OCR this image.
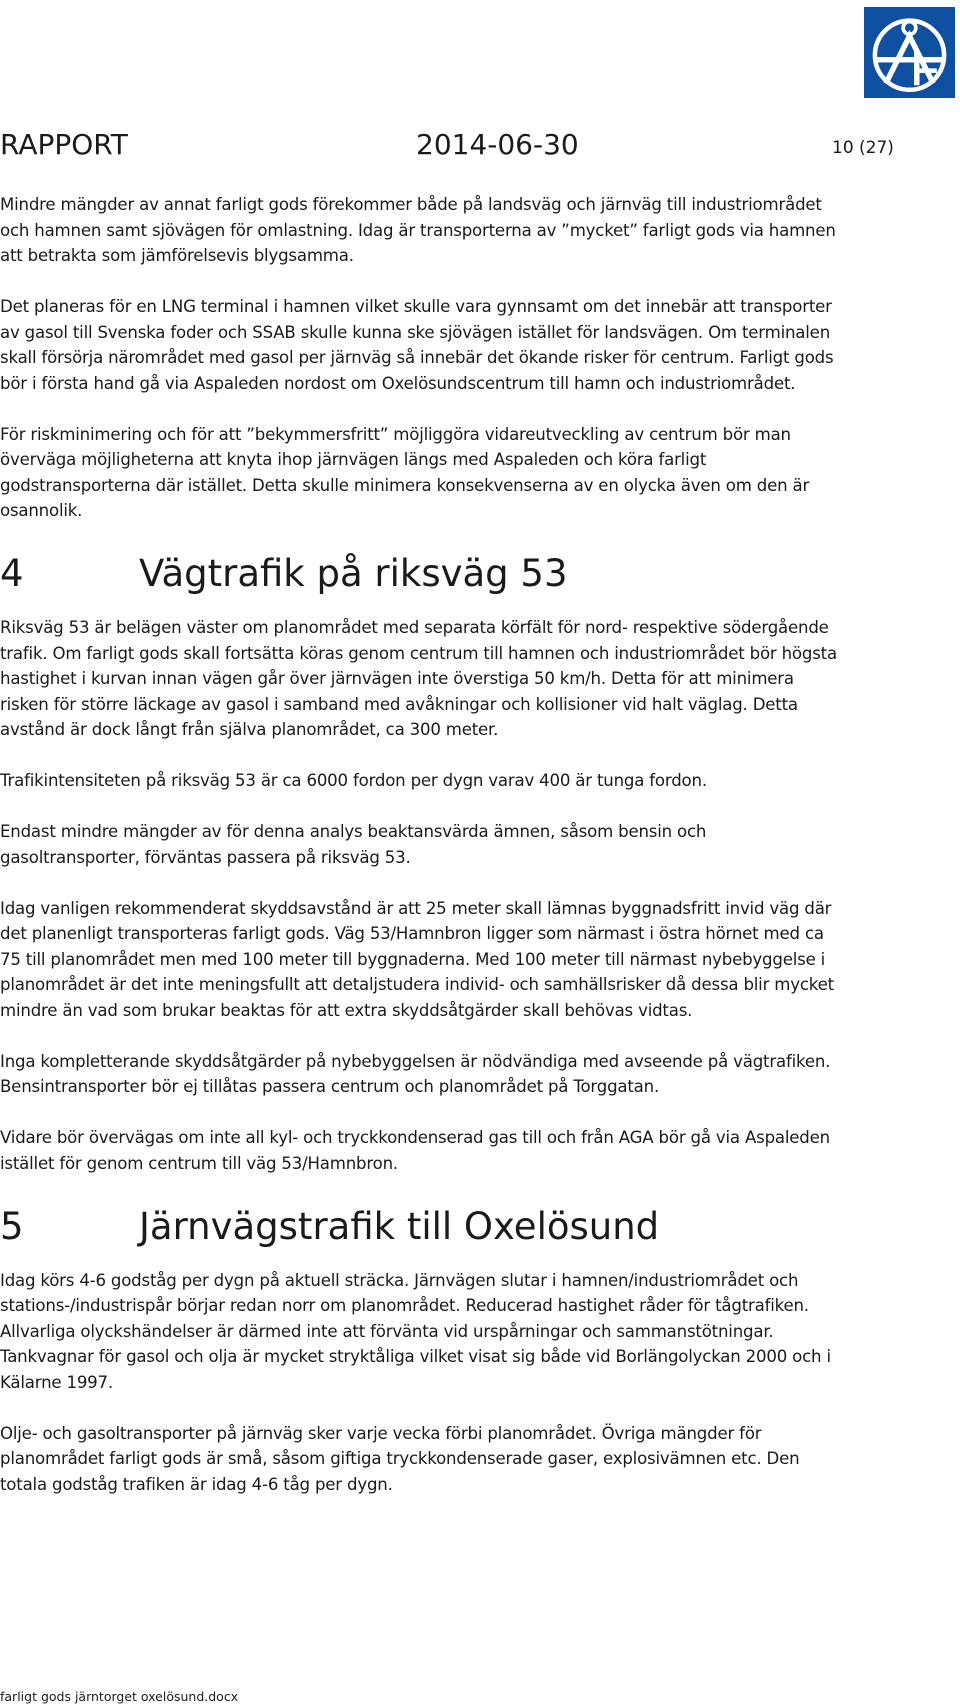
RAPPORT	2014-06-30	10 (27)

Mindre mängder av annat farligt gods förekommer både på landsväg och järnväg till industriområdet och hamnen samt sjövägen för omlastning. Idag är transporterna av ”mycket” farligt gods via hamnen att betrakta som jämförelsevis blygsamma.

Det planeras för en LNG terminal i hamnen vilket skulle vara gynnsamt om det innebär att transporter av gasol till Svenska foder och SSAB skulle kunna ske sjövägen istället för landsvägen. Om terminalen skall försörja närområdet med gasol per järnväg så innebär det ökande risker för centrum. Farligt gods bör i första hand gå via Aspaleden nordost om Oxelösundscentrum till hamn och industriområdet.

För riskminimering och för att ”bekymmersfritt” möjliggöra vidareutveckling av centrum bör man överväga möjligheterna att knyta ihop järnvägen längs med Aspaleden och köra farligt godstransporterna där istället. Detta skulle minimera konsekvenserna av en olycka även om den är osannolik.

4	Vägtrafik på riksväg 53

Riksväg 53 är belägen väster om planområdet med separata körfält för nord- respektive södergående trafik. Om farligt gods skall fortsätta köras genom centrum till hamnen och industriområdet bör högsta hastighet i kurvan innan vägen går över järnvägen inte överstiga 50 km/h. Detta för att minimera risken för större läckage av gasol i samband med avåkningar och kollisioner vid halt väglag. Detta avstånd är dock långt från själva planområdet, ca 300 meter.

Trafikintensiteten på riksväg 53 är ca 6000 fordon per dygn varav 400 är tunga fordon.

Endast mindre mängder av för denna analys beaktansvärda ämnen, såsom bensin och gasoltransporter, förväntas passera på riksväg 53.

Idag vanligen rekommenderat skyddsavstånd är att 25 meter skall lämnas byggnadsfritt invid väg där det planenligt transporteras farligt gods. Väg 53/Hamnbron ligger som närmast i östra hörnet med ca 75 till planområdet men med 100 meter till byggnaderna. Med 100 meter till närmast nybebyggelse i planområdet är det inte meningsfullt att detaljstudera individ- och samhällsrisker då dessa blir mycket mindre än vad som brukar beaktas för att extra skyddsåtgärder skall behövas vidtas.

Inga kompletterande skyddsåtgärder på nybebyggelsen är nödvändiga med avseende på vägtrafiken. Bensintransporter bör ej tillåtas passera centrum och planområdet på Torggatan.

Vidare bör övervägas om inte all kyl- och tryckkondenserad gas till och från AGA bör gå via Aspaleden istället för genom centrum till väg 53/Hamnbron.

5	Järnvägstrafik till Oxelösund

Idag körs 4-6 godståg per dygn på aktuell sträcka. Järnvägen slutar i hamnen/industriområdet och stations-/industrispår börjar redan norr om planområdet. Reducerad hastighet råder för tågtrafiken. Allvarliga olyckshändelser är därmed inte att förvänta vid urspårningar och sammanstötningar. Tankvagnar för gasol och olja är mycket stryktåliga vilket visat sig både vid Borlängolyckan 2000 och i Kälarne 1997.

Olje- och gasoltransporter på järnväg sker varje vecka förbi planområdet. Övriga mängder för planområdet farligt gods är små, såsom giftiga tryckkondenserade gaser, explosivämnen etc. Den totala godståg trafiken är idag 4-6 tåg per dygn.

farligt gods järntorget oxelösund.docx
